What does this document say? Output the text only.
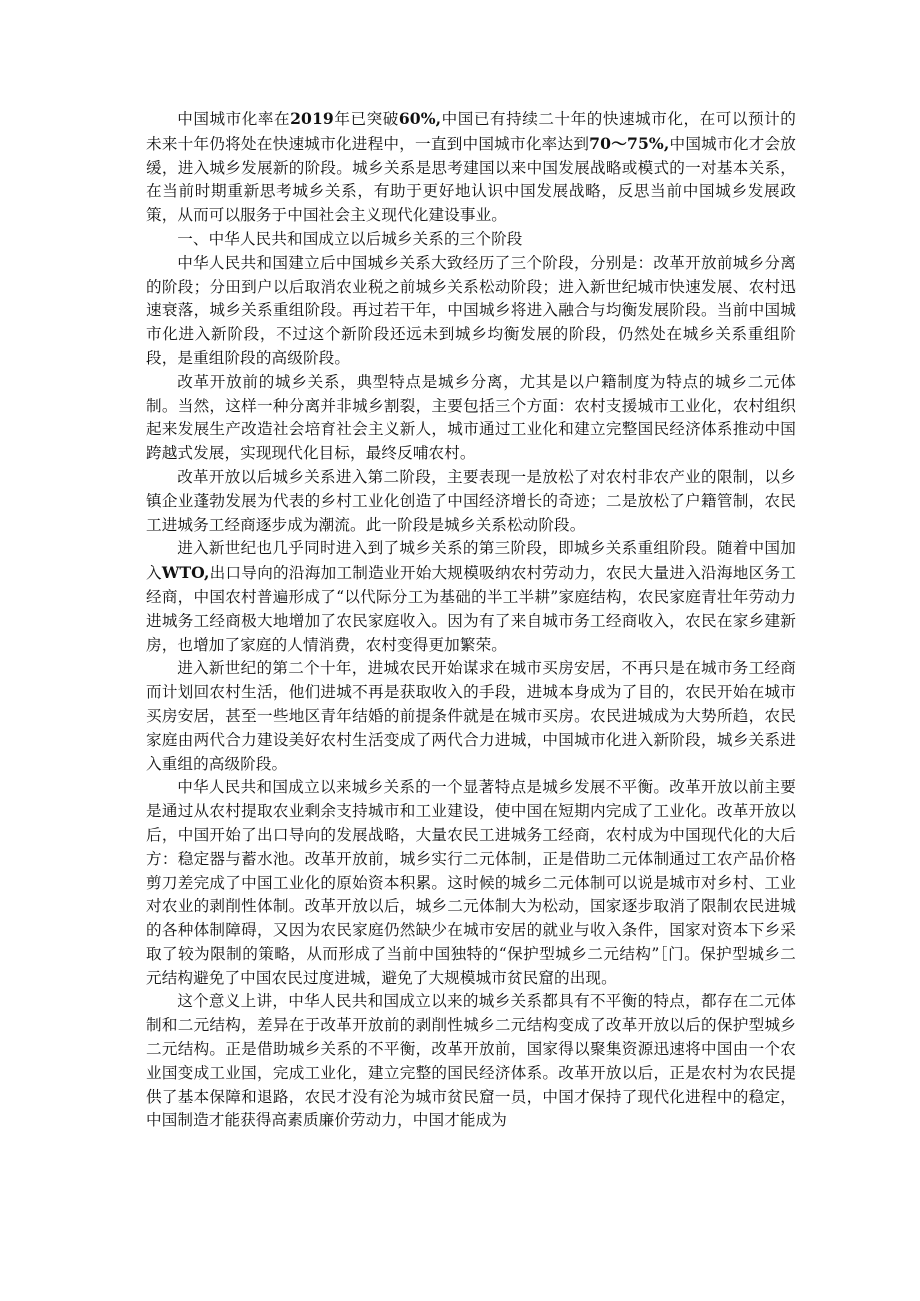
中国城市化率在2019年已突破60%,中国已有持续二十年的快速城市化，在可以预计的未来十年仍将处在快速城市化进程中，一直到中国城市化率达到70～75%,中国城市化才会放缓，进入城乡发展新的阶段。城乡关系是思考建国以来中国发展战略或模式的一对基本关系，在当前时期重新思考城乡关系，有助于更好地认识中国发展战略，反思当前中国城乡发展政策，从而可以服务于中国社会主义现代化建设事业。

一、中华人民共和国成立以后城乡关系的三个阶段

中华人民共和国建立后中国城乡关系大致经历了三个阶段，分别是：改革开放前城乡分离的阶段；分田到户以后取消农业税之前城乡关系松动阶段；进入新世纪城市快速发展、农村迅速衰落，城乡关系重组阶段。再过若干年，中国城乡将进入融合与均衡发展阶段。当前中国城市化进入新阶段，不过这个新阶段还远未到城乡均衡发展的阶段，仍然处在城乡关系重组阶段，是重组阶段的高级阶段。

改革开放前的城乡关系，典型特点是城乡分离，尤其是以户籍制度为特点的城乡二元体制。当然，这样一种分离并非城乡割裂，主要包括三个方面：农村支援城市工业化，农村组织起来发展生产改造社会培育社会主义新人，城市通过工业化和建立完整国民经济体系推动中国跨越式发展，实现现代化目标，最终反哺农村。

改革开放以后城乡关系进入第二阶段，主要表现一是放松了对农村非农产业的限制，以乡镇企业蓬勃发展为代表的乡村工业化创造了中国经济增长的奇迹；二是放松了户籍管制，农民工进城务工经商逐步成为潮流。此一阶段是城乡关系松动阶段。

进入新世纪也几乎同时进入到了城乡关系的第三阶段，即城乡关系重组阶段。随着中国加入WTO,出口导向的沿海加工制造业开始大规模吸纳农村劳动力，农民大量进入沿海地区务工经商，中国农村普遍形成了“以代际分工为基础的半工半耕”家庭结构，农民家庭青壮年劳动力进城务工经商极大地增加了农民家庭收入。因为有了来自城市务工经商收入，农民在家乡建新房，也增加了家庭的人情消费，农村变得更加繁荣。

进入新世纪的第二个十年，进城农民开始谋求在城市买房安居，不再只是在城市务工经商而计划回农村生活，他们进城不再是获取收入的手段，进城本身成为了目的，农民开始在城市买房安居，甚至一些地区青年结婚的前提条件就是在城市买房。农民进城成为大势所趋，农民家庭由两代合力建设美好农村生活变成了两代合力进城，中国城市化进入新阶段，城乡关系进入重组的高级阶段。

中华人民共和国成立以来城乡关系的一个显著特点是城乡发展不平衡。改革开放以前主要是通过从农村提取农业剩余支持城市和工业建设，使中国在短期内完成了工业化。改革开放以后，中国开始了出口导向的发展战略，大量农民工进城务工经商，农村成为中国现代化的大后方：稳定器与蓄水池。改革开放前，城乡实行二元体制，正是借助二元体制通过工农产品价格剪刀差完成了中国工业化的原始资本积累。这时候的城乡二元体制可以说是城市对乡村、工业对农业的剥削性体制。改革开放以后，城乡二元体制大为松动，国家逐步取消了限制农民进城的各种体制障碍，又因为农民家庭仍然缺少在城市安居的就业与收入条件，国家对资本下乡采取了较为限制的策略，从而形成了当前中国独特的“保护型城乡二元结构”［门。保护型城乡二元结构避免了中国农民过度进城，避免了大规模城市贫民窟的出现。

这个意义上讲，中华人民共和国成立以来的城乡关系都具有不平衡的特点，都存在二元体制和二元结构，差异在于改革开放前的剥削性城乡二元结构变成了改革开放以后的保护型城乡二元结构。正是借助城乡关系的不平衡，改革开放前，国家得以聚集资源迅速将中国由一个农业国变成工业国，完成工业化，建立完整的国民经济体系。改革开放以后，正是农村为农民提供了基本保障和退路，农民才没有沦为城市贫民窟一员，中国才保持了现代化进程中的稳定，中国制造才能获得高素质廉价劳动力，中国才能成为
